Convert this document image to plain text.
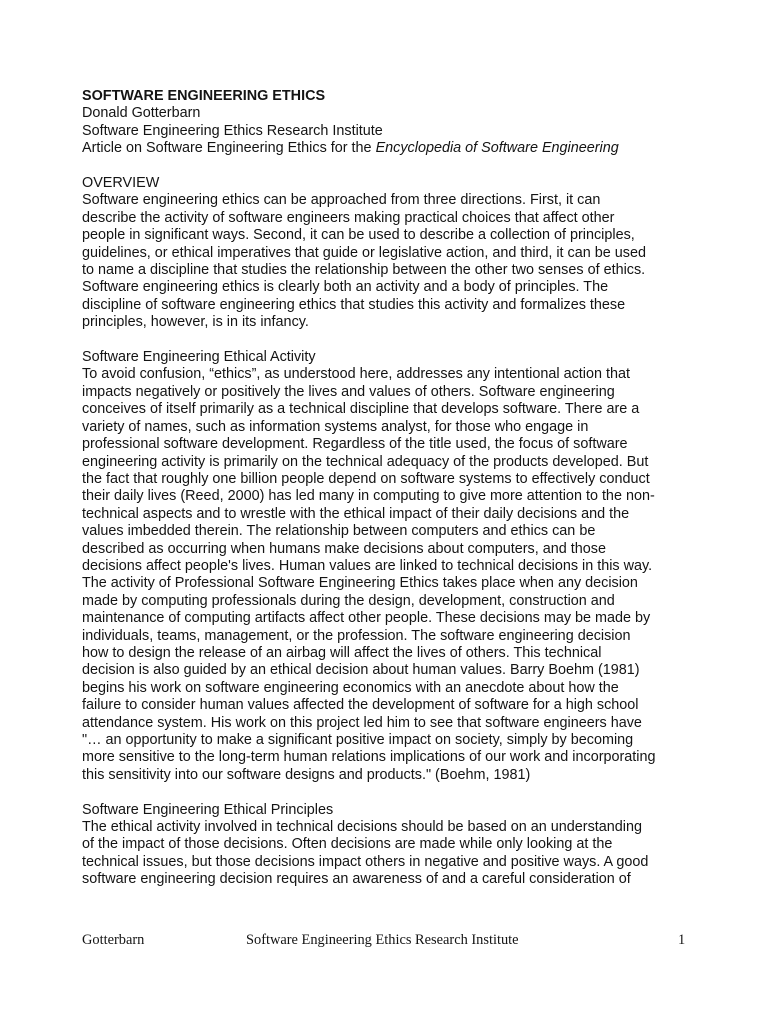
SOFTWARE ENGINEERING ETHICS
Donald Gotterbarn
Software Engineering Ethics Research Institute
Article on Software Engineering Ethics for the Encyclopedia of Software Engineering
OVERVIEW
Software engineering ethics can be approached from three directions. First, it can
describe the activity of software engineers making practical choices that affect other
people in significant ways. Second, it can be used to describe a collection of principles,
guidelines, or ethical imperatives that guide or legislative action, and third, it can be used
to name a discipline that studies the relationship between the other two senses of ethics.
Software engineering ethics is clearly both an activity and a body of principles. The
discipline of software engineering ethics that studies this activity and formalizes these
principles, however, is in its infancy.
Software Engineering Ethical Activity
To avoid confusion, “ethics”, as understood here, addresses any intentional action that
impacts negatively or positively the lives and values of others. Software engineering
conceives of itself primarily as a technical discipline that develops software. There are a
variety of names, such as information systems analyst, for those who engage in
professional software development. Regardless of the title used, the focus of software
engineering activity is primarily on the technical adequacy of the products developed. But
the fact that roughly one billion people depend on software systems to effectively conduct
their daily lives (Reed, 2000) has led many in computing to give more attention to the non-
technical aspects and to wrestle with the ethical impact of their daily decisions and the
values imbedded therein. The relationship between computers and ethics can be
described as occurring when humans make decisions about computers, and those
decisions affect people's lives. Human values are linked to technical decisions in this way.
The activity of Professional Software Engineering Ethics takes place when any decision
made by computing professionals during the design, development, construction and
maintenance of computing artifacts affect other people. These decisions may be made by
individuals, teams, management, or the profession. The software engineering decision
how to design the release of an airbag will affect the lives of others. This technical
decision is also guided by an ethical decision about human values. Barry Boehm (1981)
begins his work on software engineering economics with an anecdote about how the
failure to consider human values affected the development of software for a high school
attendance system. His work on this project led him to see that software engineers have
"… an opportunity to make a significant positive impact on society, simply by becoming
more sensitive to the long-term human relations implications of our work and incorporating
this sensitivity into our software designs and products." (Boehm, 1981)
Software Engineering Ethical Principles
The ethical activity involved in technical decisions should be based on an understanding
of the impact of those decisions. Often decisions are made while only looking at the
technical issues, but those decisions impact others in negative and positive ways. A good
software engineering decision requires an awareness of and a careful consideration of
Gotterbarn	Software Engineering Ethics Research Institute	1
